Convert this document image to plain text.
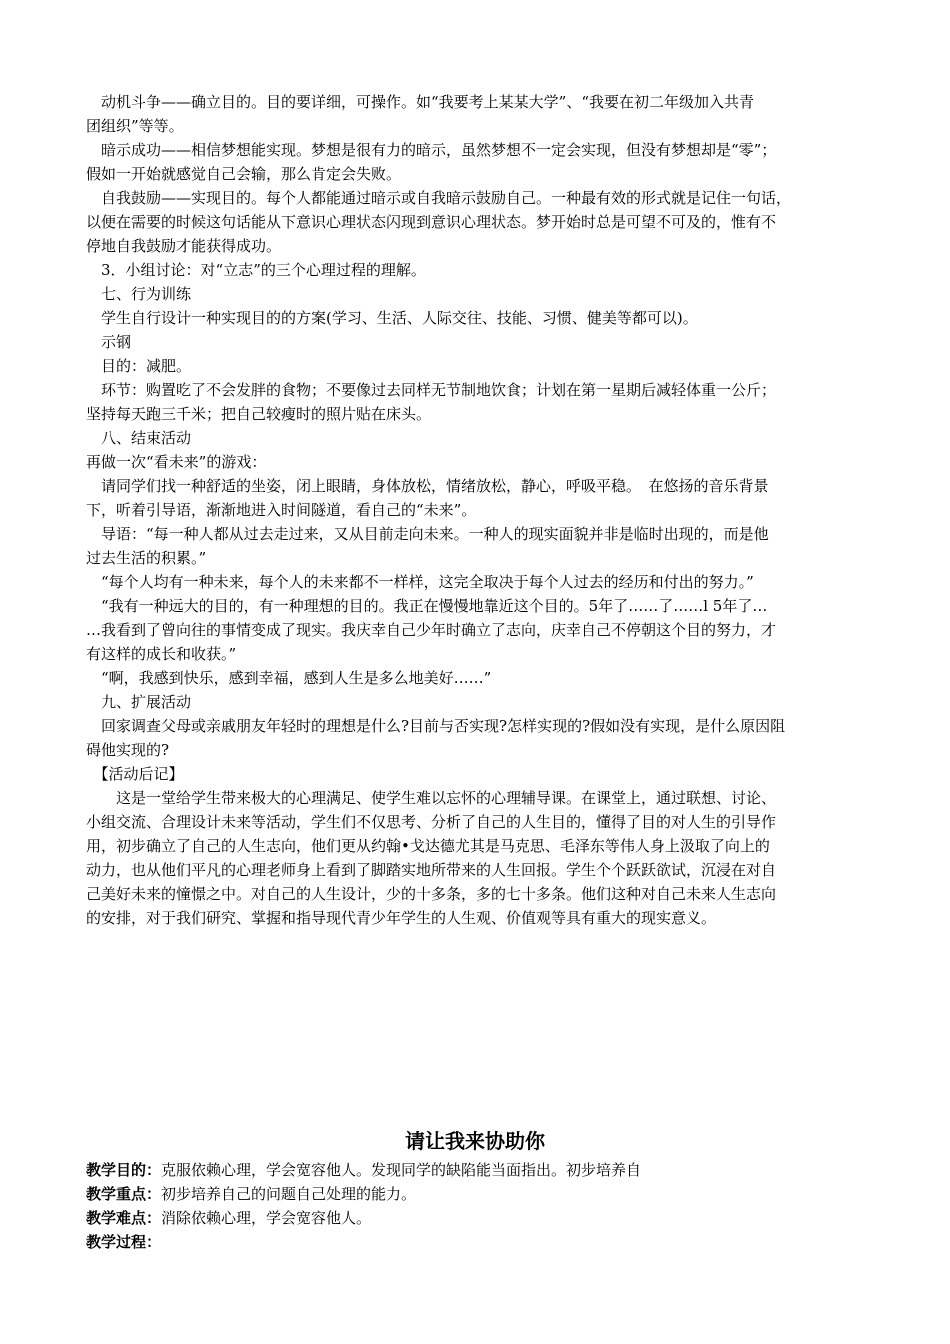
　动机斗争——确立目的。目的要详细，可操作。如“我要考上某某大学”、“我要在初二年级加入共青
团组织”等等。
　暗示成功——相信梦想能实现。梦想是很有力的暗示，虽然梦想不一定会实现，但没有梦想却是“零”；
假如一开始就感觉自己会输，那么肯定会失败。
　自我鼓励——实现目的。每个人都能通过暗示或自我暗示鼓励自己。一种最有效的形式就是记住一句话，
以便在需要的时候这句话能从下意识心理状态闪现到意识心理状态。梦开始时总是可望不可及的，惟有不
停地自我鼓励才能获得成功。
　3．小组讨论：对“立志”的三个心理过程的理解。
　七、行为训练
　学生自行设计一种实现目的的方案(学习、生活、人际交往、技能、习惯、健美等都可以)。
　示钢
　目的：减肥。
　环节：购置吃了不会发胖的食物；不要像过去同样无节制地饮食；计划在第一星期后减轻体重一公斤；
坚持每天跑三千米；把自己较瘦时的照片贴在床头。
　八、结束活动
再做一次“看未来”的游戏：
　请同学们找一种舒适的坐姿，闭上眼睛，身体放松，情绪放松，静心，呼吸平稳。　在悠扬的音乐背景
下，听着引导语，渐渐地进入时间隧道，看自己的“未来”。
　导语：“每一种人都从过去走过来，又从目前走向未来。一种人的现实面貌并非是临时出现的，而是他
过去生活的积累。”
　“每个人均有一种未来，每个人的未来都不一样样，这完全取决于每个人过去的经历和付出的努力。”
　“我有一种远大的目的，有一种理想的目的。我正在慢慢地靠近这个目的。5年了……了……l 5年了…
…我看到了曾向往的事情变成了现实。我庆幸自己少年时确立了志向，庆幸自己不停朝这个目的努力，才
有这样的成长和收获。”
　“啊，我感到快乐，感到幸福，感到人生是多么地美好……”
　九、扩展活动
　回家调查父母或亲戚朋友年轻时的理想是什么?目前与否实现?怎样实现的?假如没有实现，是什么原因阻
碍他实现的?
　【活动后记】
　　这是一堂给学生带来极大的心理满足、使学生难以忘怀的心理辅导课。在课堂上，通过联想、讨论、
小组交流、合理设计未来等活动，学生们不仅思考、分析了自己的人生目的，懂得了目的对人生的引导作
用，初步确立了自己的人生志向，他们更从约翰•戈达德尤其是马克思、毛泽东等伟人身上汲取了向上的
动力，也从他们平凡的心理老师身上看到了脚踏实地所带来的人生回报。学生个个跃跃欲试，沉浸在对自
己美好未来的憧憬之中。对自己的人生设计，少的十多条，多的七十多条。他们这种对自己未来人生志向
的安排，对于我们研究、掌握和指导现代青少年学生的人生观、价值观等具有重大的现实意义。
请让我来协助你
教学目的：克服依赖心理，学会宽容他人。发现同学的缺陷能当面指出。初步培养自
教学重点：初步培养自己的问题自己处理的能力。
教学难点：消除依赖心理，学会宽容他人。
教学过程：
